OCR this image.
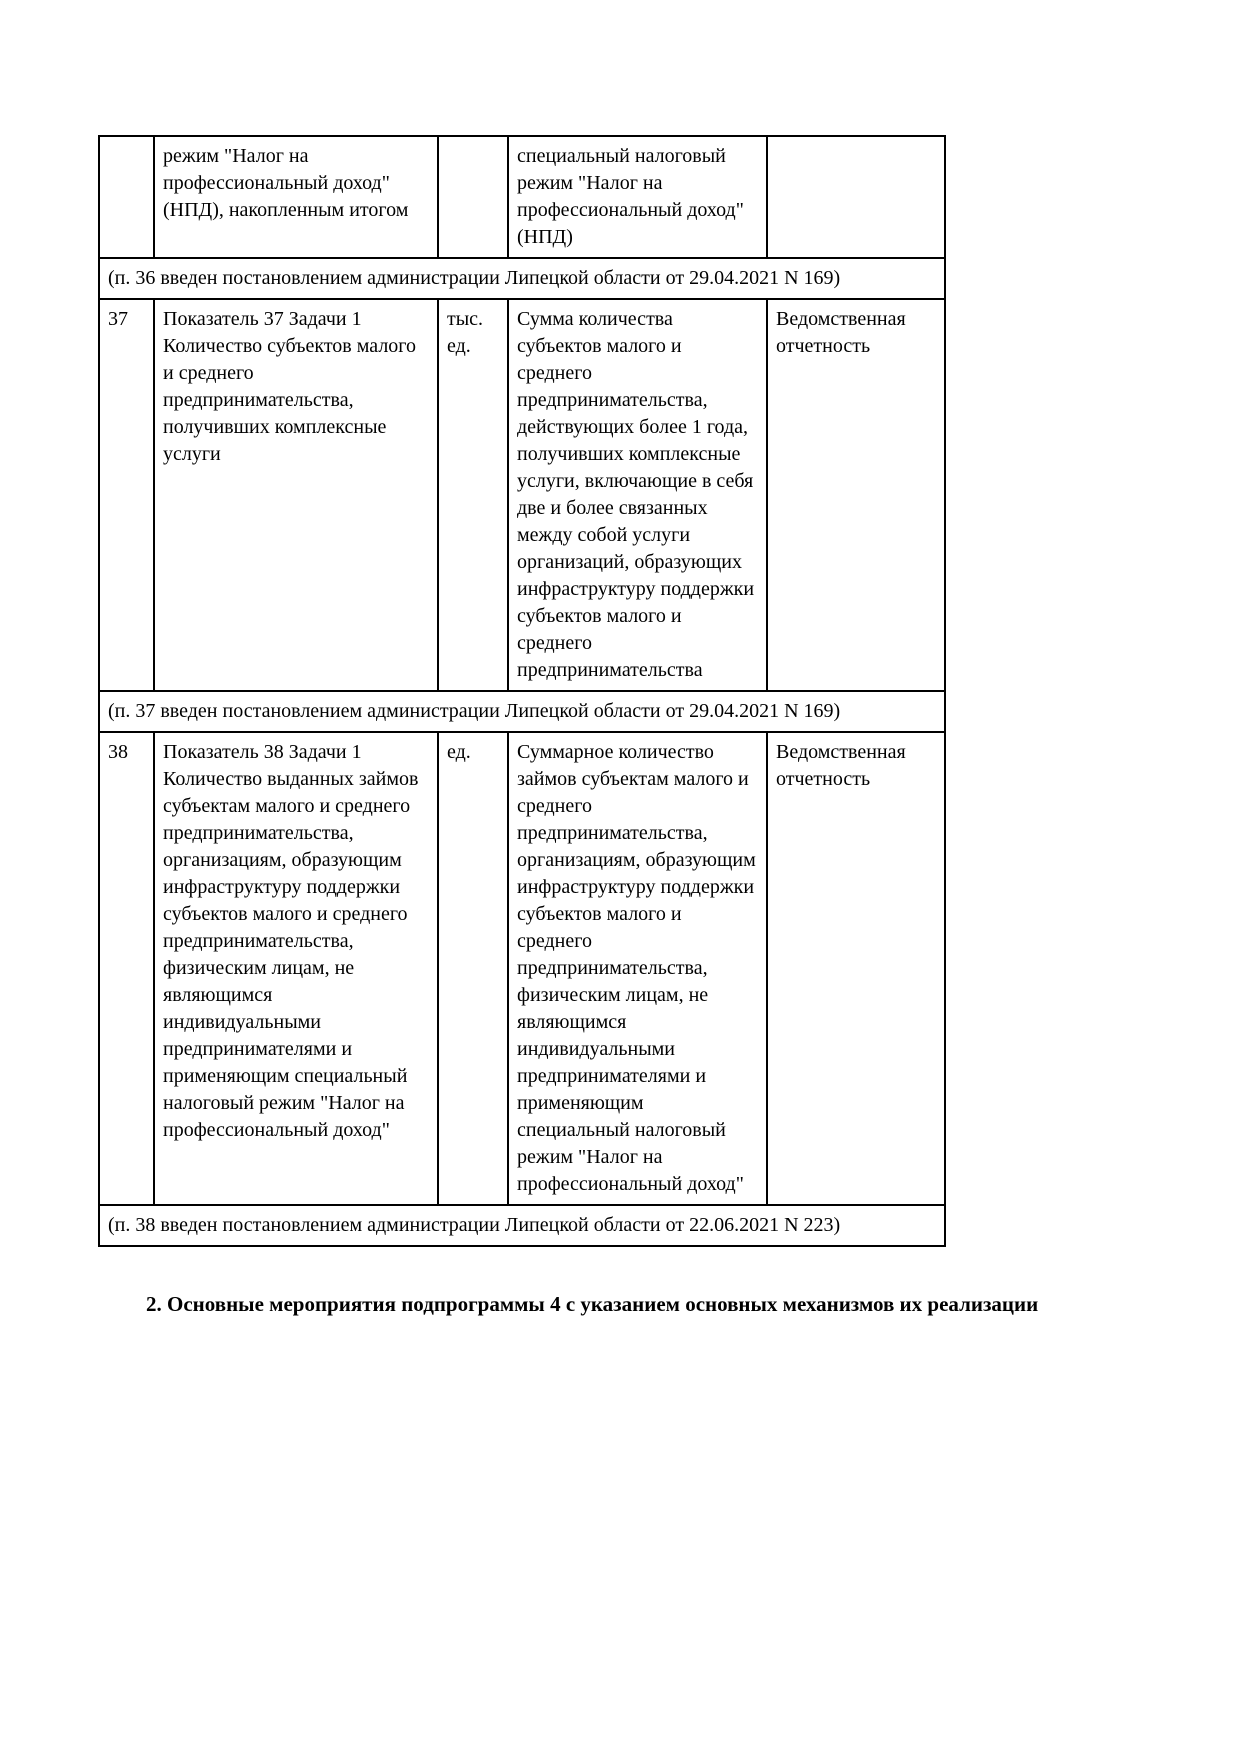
	режим "Налог на профессиональный доход" (НПД), накопленным итогом		специальный налоговый режим "Налог на профессиональный доход" (НПД)	
(п. 36 введен постановлением администрации Липецкой области от 29.04.2021 N 169)				
37	Показатель 37 Задачи 1 Количество субъектов малого и среднего предпринимательства, получивших комплексные услуги	тыс. ед.	Сумма количества субъектов малого и среднего предпринимательства, действующих более 1 года, получивших комплексные услуги, включающие в себя две и более связанных между собой услуги организаций, образующих инфраструктуру поддержки субъектов малого и среднего предпринимательства	Ведомственная отчетность
(п. 37 введен постановлением администрации Липецкой области от 29.04.2021 N 169)				
38	Показатель 38 Задачи 1 Количество выданных займов субъектам малого и среднего предпринимательства, организациям, образующим инфраструктуру поддержки субъектов малого и среднего предпринимательства, физическим лицам, не являющимся индивидуальными предпринимателями и применяющим специальный налоговый режим "Налог на профессиональный доход"	ед.	Суммарное количество займов субъектам малого и среднего предпринимательства, организациям, образующим инфраструктуру поддержки субъектов малого и среднего предпринимательства, физическим лицам, не являющимся индивидуальными предпринимателями и применяющим специальный налоговый режим "Налог на профессиональный доход"	Ведомственная отчетность
(п. 38 введен постановлением администрации Липецкой области от 22.06.2021 N 223)				

2. Основные мероприятия подпрограммы 4 с указанием основных механизмов их реализации
